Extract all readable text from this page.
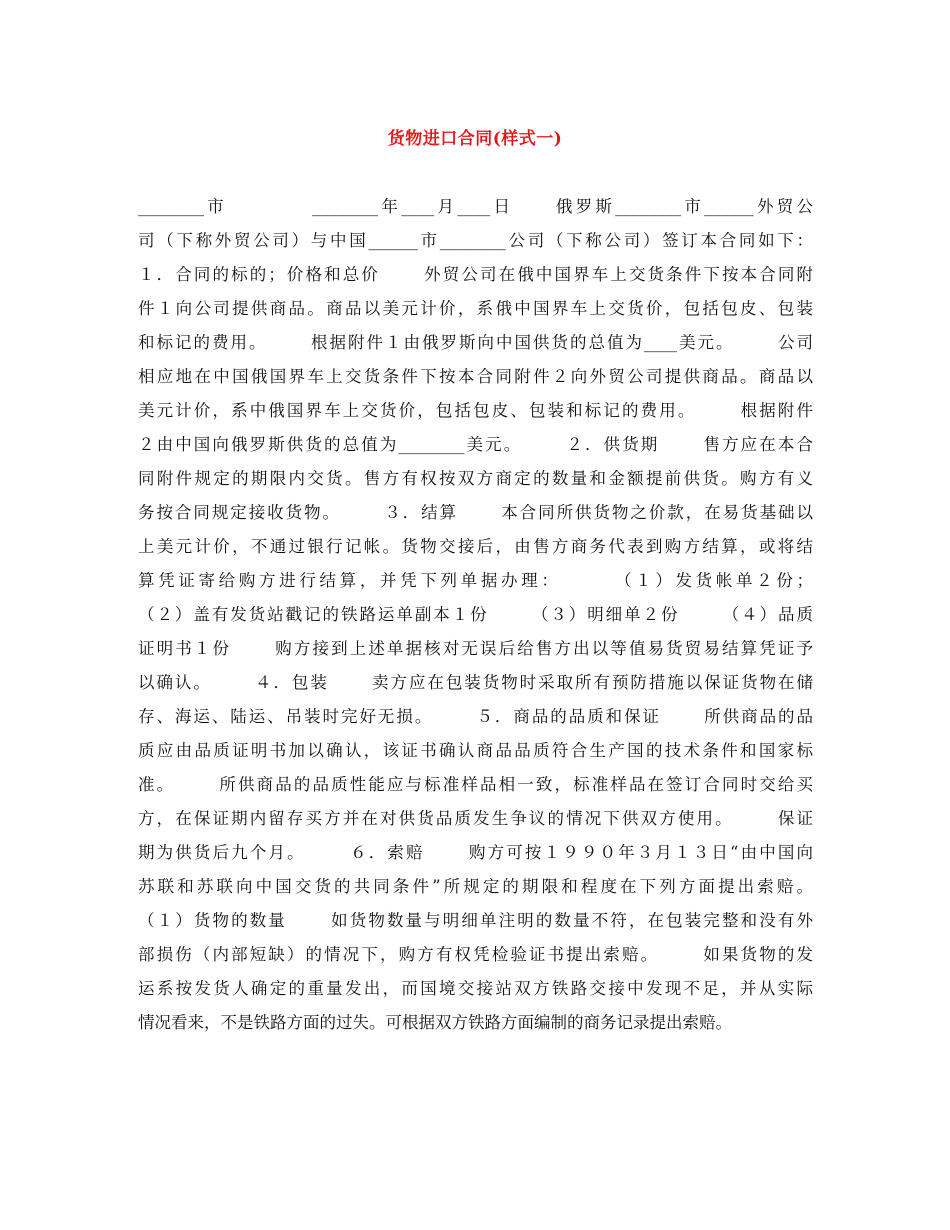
货物进口合同(样式一)
________市          ________年____月____日     俄罗斯________市______外贸公
司（下称外贸公司）与中国______市________公司（下称公司）签订本合同如下：
１．合同的标的；价格和总价      外贸公司在俄中国界车上交货条件下按本合同附
件１向公司提供商品。商品以美元计价，系俄中国界车上交货价，包括包皮、包装
和标记的费用。      根据附件１由俄罗斯向中国供货的总值为____美元。      公司
相应地在中国俄国界车上交货条件下按本合同附件２向外贸公司提供商品。商品以
美元计价，系中俄国界车上交货价，包括包皮、包装和标记的费用。      根据附件
２由中国向俄罗斯供货的总值为________美元。      ２．供货期      售方应在本合
同附件规定的期限内交货。售方有权按双方商定的数量和金额提前供货。购方有义
务按合同规定接收货物。      ３．结算      本合同所供货物之价款，在易货基础以
上美元计价，不通过银行记帐。货物交接后，由售方商务代表到购方结算，或将结
算凭证寄给购方进行结算，并凭下列单据办理：      （１）发货帐单２份；
（２）盖有发货站戳记的铁路运单副本１份      （３）明细单２份      （４）品质
证明书１份      购方接到上述单据核对无误后给售方出以等值易货贸易结算凭证予
以确认。      ４．包装      卖方应在包装货物时采取所有预防措施以保证货物在储
存、海运、陆运、吊装时完好无损。      ５．商品的品质和保证      所供商品的品
质应由品质证明书加以确认，该证书确认商品品质符合生产国的技术条件和国家标
准。      所供商品的品质性能应与标准样品相一致，标准样品在签订合同时交给买
方，在保证期内留存买方并在对供货品质发生争议的情况下供双方使用。      保证
期为供货后九个月。      ６．索赔      购方可按１９９０年３月１３日“由中国向
苏联和苏联向中国交货的共同条件”所规定的期限和程度在下列方面提出索赔。
（１）货物的数量      如货物数量与明细单注明的数量不符，在包装完整和没有外
部损伤（内部短缺）的情况下，购方有权凭检验证书提出索赔。      如果货物的发
运系按发货人确定的重量发出，而国境交接站双方铁路交接中发现不足，并从实际
情况看来，不是铁路方面的过失。可根据双方铁路方面编制的商务记录提出索赔。
